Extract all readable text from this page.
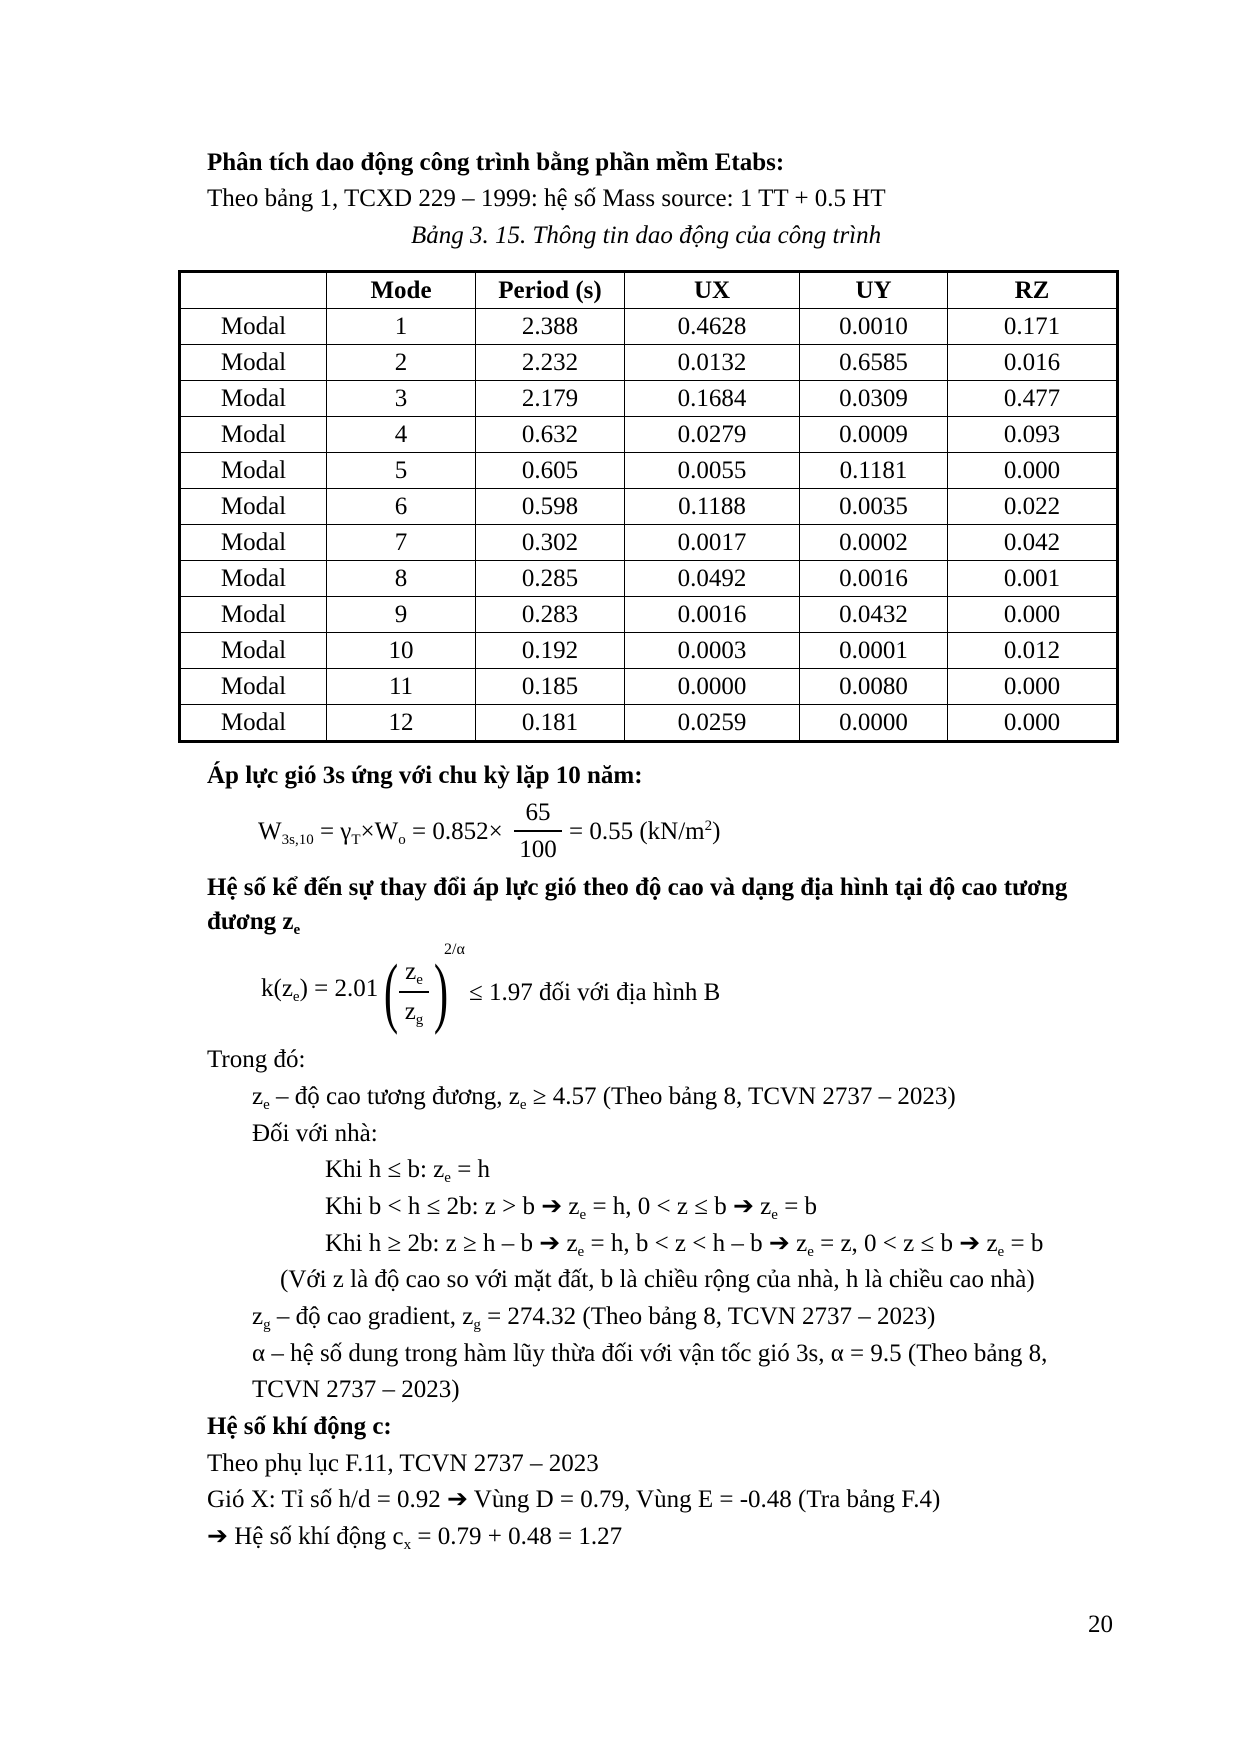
Phân tích dao động công trình bằng phần mềm Etabs:
Theo bảng 1, TCXD 229 – 1999: hệ số Mass source: 1 TT + 0.5 HT
Bảng 3. 15. Thông tin dao động của công trình
	Mode	Period (s)	UX	UY	RZ
Modal	1	2.388	0.4628	0.0010	0.171
Modal	2	2.232	0.0132	0.6585	0.016
Modal	3	2.179	0.1684	0.0309	0.477
Modal	4	0.632	0.0279	0.0009	0.093
Modal	5	0.605	0.0055	0.1181	0.000
Modal	6	0.598	0.1188	0.0035	0.022
Modal	7	0.302	0.0017	0.0002	0.042
Modal	8	0.285	0.0492	0.0016	0.001
Modal	9	0.283	0.0016	0.0432	0.000
Modal	10	0.192	0.0003	0.0001	0.012
Modal	11	0.185	0.0000	0.0080	0.000
Modal	12	0.181	0.0259	0.0000	0.000
Áp lực gió 3s ứng với chu kỳ lặp 10 năm:
$W_{3s,10} = \gamma_T\times W_o = 0.852\times$
65
100
= 0.55 $(kN/m^2)$
Hệ số kể đến sự thay đổi áp lực gió theo độ cao và dạng địa hình tại độ cao tương
đương $z_e$
$k(z_e) = 2.01$ ( $z_e$
$z_g$ )
2/α
≤ 1.97 đối với địa hình B
Trong đó:
$z_e$ – độ cao tương đương, $z_e \ge 4.57$ (Theo bảng 8, TCVN 2737 – 2023)
Đối với nhà:
Khi h ≤ b: $z_e = h$
Khi b < h ≤ 2b: z > b ➔ $z_e = h$, 0 < z ≤ b ➔ $z_e = b$
Khi h ≥ 2b: z ≥ h – b ➔ $z_e = h$, b < z < h – b ➔ $z_e = z$, 0 < z ≤ b ➔ $z_e = b$
(Với z là độ cao so với mặt đất, b là chiều rộng của nhà, h là chiều cao nhà)
$z_g$ – độ cao gradient, $z_g = 274.32$ (Theo bảng 8, TCVN 2737 – 2023)
α – hệ số dung trong hàm lũy thừa đối với vận tốc gió 3s, α = 9.5 (Theo bảng 8,
TCVN 2737 – 2023)
Hệ số khí động c:
Theo phụ lục F.11, TCVN 2737 – 2023
Gió X: Tỉ số h/d = 0.92 ➔ Vùng D = 0.79, Vùng E = -0.48 (Tra bảng F.4)
➔ Hệ số khí động $c_x = 0.79 + 0.48 = 1.27$
20
